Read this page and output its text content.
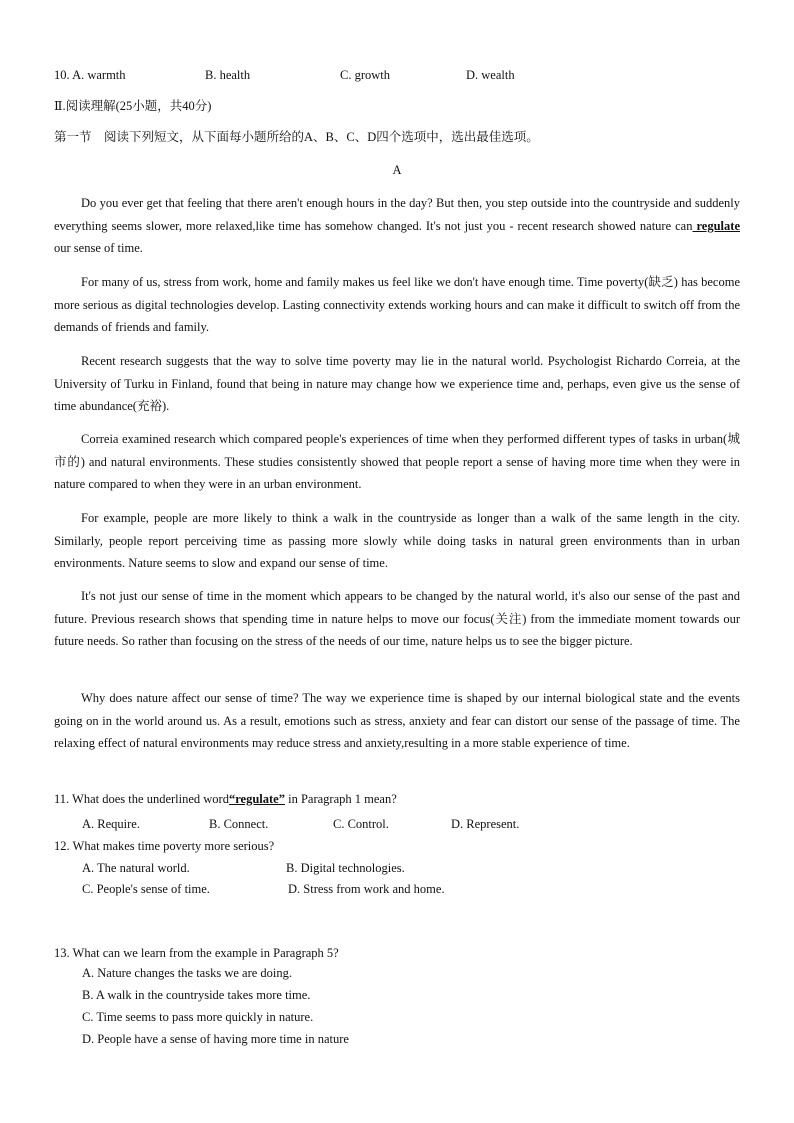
10. A. warmth	B. health	C. growth	D. wealth
Ⅱ.阅读理解(25小题，共40分)
第一节　阅读下列短文，从下面每小题所给的A、B、C、D四个选项中，选出最佳选项。
A
Do you ever get that feeling that there aren't enough hours in the day? But then, you step outside into the countryside and suddenly everything seems slower, more relaxed,like time has somehow changed. It's not just you - recent research showed nature can regulate our sense of time.
For many of us, stress from work, home and family makes us feel like we don't have enough time. Time poverty(缺乏) has become more serious as digital technologies develop. Lasting connectivity extends working hours and can make it difficult to switch off from the demands of friends and family.
Recent research suggests that the way to solve time poverty may lie in the natural world. Psychologist Richardo Correia, at the University of Turku in Finland, found that being in nature may change how we experience time and, perhaps, even give us the sense of time abundance(充裕).
Correia examined research which compared people's experiences of time when they performed different types of tasks in urban(城市的) and natural environments. These studies consistently showed that people report a sense of having more time when they were in nature compared to when they were in an urban environment.
For example, people are more likely to think a walk in the countryside as longer than a walk of the same length in the city. Similarly, people report perceiving time as passing more slowly while doing tasks in natural green environments than in urban environments. Nature seems to slow and expand our sense of time.
It's not just our sense of time in the moment which appears to be changed by the natural world, it's also our sense of the past and future. Previous research shows that spending time in nature helps to move our focus(关注) from the immediate moment towards our future needs. So rather than focusing on the stress of the needs of our time, nature helps us to see the bigger picture.
Why does nature affect our sense of time? The way we experience time is shaped by our internal biological state and the events going on in the world around us. As a result, emotions such as stress, anxiety and fear can distort our sense of the passage of time. The relaxing effect of natural environments may reduce stress and anxiety,resulting in a more stable experience of time.
11. What does the underlined word“regulate” in Paragraph 1 mean?
A. Require.	B. Connect.	C. Control.	D. Represent.
12. What makes time poverty more serious?
A. The natural world.	B. Digital technologies.
C. People's sense of time.	D. Stress from work and home.
13. What can we learn from the example in Paragraph 5?
A. Nature changes the tasks we are doing.
B. A walk in the countryside takes more time.
C. Time seems to pass more quickly in nature.
D. People have a sense of having more time in nature
